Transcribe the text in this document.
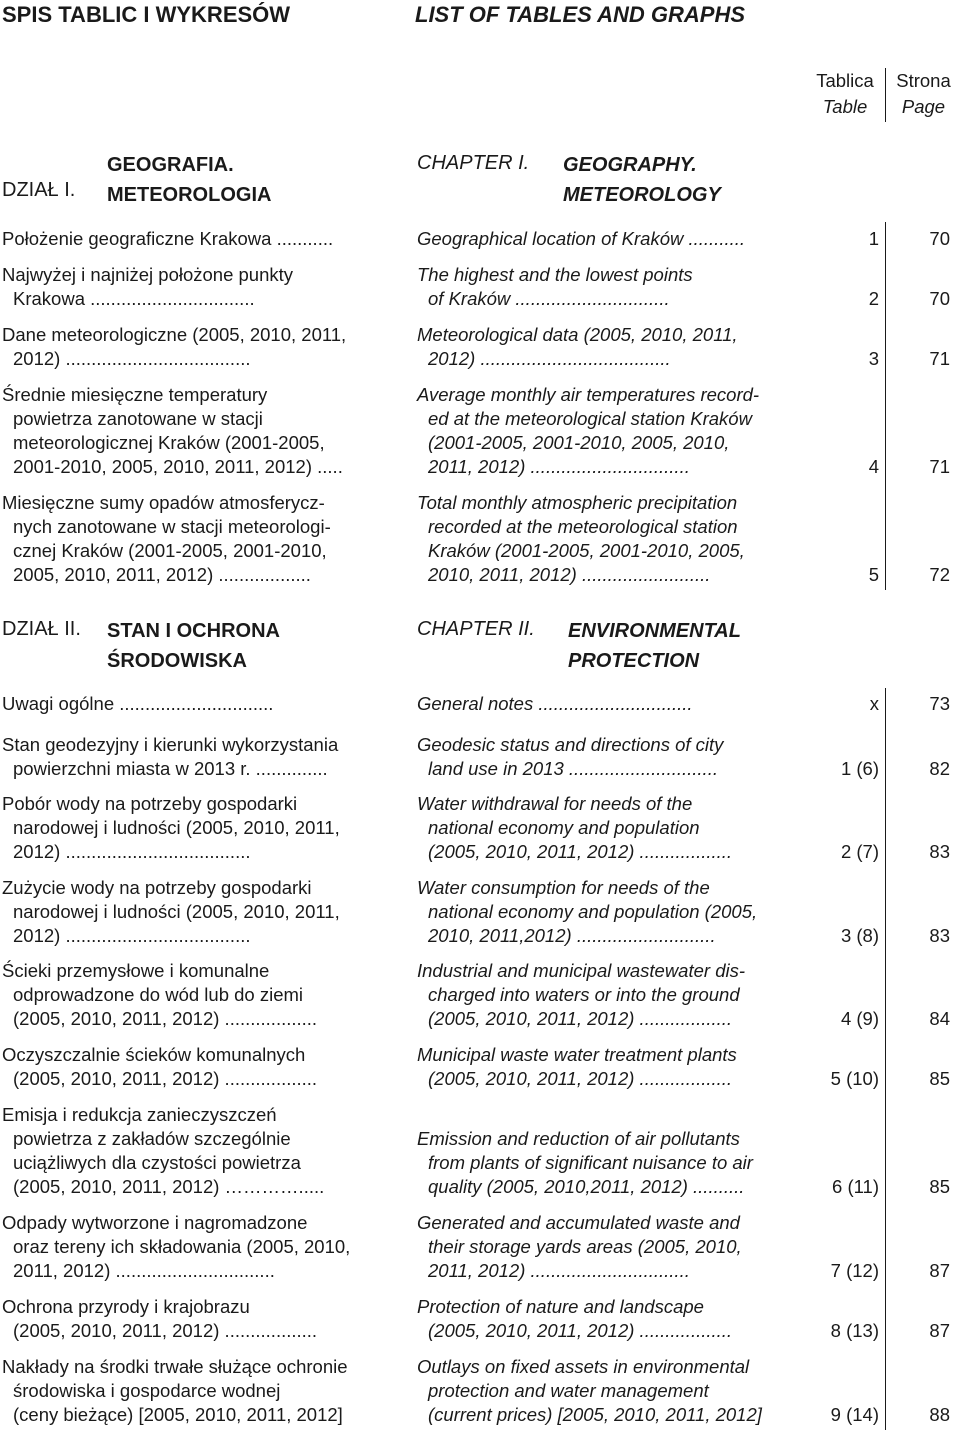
SPIS TABLIC I WYKRESÓW	LIST OF TABLES AND GRAPHS
Tablica
Table
Strona
Page

DZIAŁ I.

GEOGRAFIA.
METEOROLOGIA
CHAPTER I. GEOGRAPHY.
METEOROLOGY
Położenie geograficzne Krakowa ...........	Geographical location of Kraków ...........	1	70
Najwyżej i najniżej położone punkty
Krakowa ................................
The highest and the lowest points
of Kraków ..............................	2	70
Dane meteorologiczne (2005, 2010, 2011,
2012) ....................................
Meteorological data (2005, 2010, 2011,
2012) .....................................	3	71
Średnie miesięczne temperatury
powietrza zanotowane w stacji
meteorologicznej Kraków (2001-2005,
2001-2010, 2005, 2010, 2011, 2012) .....
Average monthly air temperatures record-
ed at the meteorological station Kraków
(2001-2005, 2001-2010, 2005, 2010,
2011, 2012) ...............................	4	71
Miesięczne sumy opadów atmosferycz-
nych zanotowane w stacji meteorologi-
cznej Kraków (2001-2005, 2001-2010,
2005, 2010, 2011, 2012) ..................
Total monthly atmospheric precipitation
recorded at the meteorological station
Kraków (2001-2005, 2001-2010, 2005,
2010, 2011, 2012) .........................	5	72
DZIAŁ II. STAN I OCHRONA
ŚRODOWISKA
CHAPTER II. ENVIRONMENTAL
PROTECTION
Uwagi ogólne ..............................	General notes ..............................	x	73
Stan geodezyjny i kierunki wykorzystania
powierzchni miasta w 2013 r. ..............
Geodesic status and directions of city
land use in 2013 .............................	1 (6)	82
Pobór wody na potrzeby gospodarki
narodowej i ludności (2005, 2010, 2011,
2012) ....................................
Water withdrawal for needs of the
national economy and population
(2005, 2010, 2011, 2012) ..................	2 (7)	83
Zużycie wody na potrzeby gospodarki
narodowej i ludności (2005, 2010, 2011,
2012) ....................................
Water consumption for needs of the
national economy and population (2005,
2010, 2011,2012) ...........................	3 (8)	83
Ścieki przemysłowe i komunalne
odprowadzone do wód lub do ziemi
(2005, 2010, 2011, 2012) ..................
Industrial and municipal wastewater dis-
charged into waters or into the ground
(2005, 2010, 2011, 2012) ..................	4 (9)	84
Oczyszczalnie ścieków komunalnych
(2005, 2010, 2011, 2012) ..................
Municipal waste water treatment plants
(2005, 2010, 2011, 2012) ..................	5 (10)	85
Emisja i redukcja zanieczyszczeń
powietrza z zakładów szczególnie
uciążliwych dla czystości powietrza
(2005, 2010, 2011, 2012) ………….....
Emission and reduction of air pollutants
from plants of significant nuisance to air
quality (2005, 2010,2011, 2012) ..........	6 (11)	85
Odpady wytworzone i nagromadzone
oraz tereny ich składowania (2005, 2010,
2011, 2012) ...............................
Generated and accumulated waste and
their storage yards areas (2005, 2010,
2011, 2012) ...............................	7 (12)	87
Ochrona przyrody i krajobrazu
(2005, 2010, 2011, 2012) ..................
Protection of nature and landscape
(2005, 2010, 2011, 2012) ..................	8 (13)	87
Nakłady na środki trwałe służące ochronie
środowiska i gospodarce wodnej
(ceny bieżące) [2005, 2010, 2011, 2012]
Outlays on fixed assets in environmental
protection and water management
(current prices) [2005, 2010, 2011, 2012]	9 (14)	88
